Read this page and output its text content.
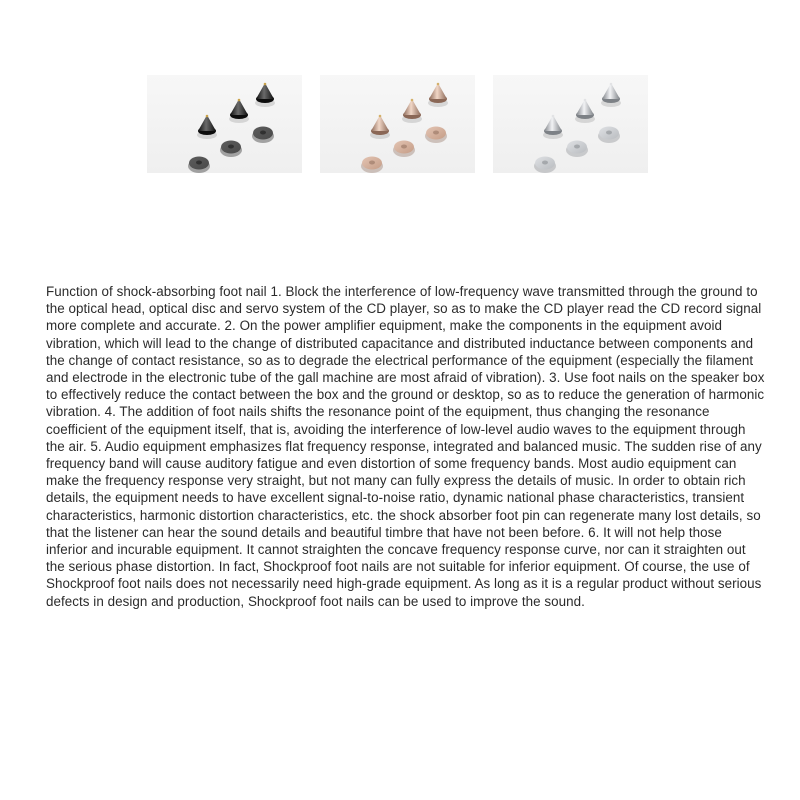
Function of shock-absorbing foot nail 1. Block the interference of low-frequency wave transmitted through the ground to the optical head, optical disc and servo system of the CD player, so as to make the CD player read the CD record signal more complete and accurate. 2. On the power amplifier equipment, make the components in the equipment avoid vibration, which will lead to the change of distributed capacitance and distributed inductance between components and the change of contact resistance, so as to degrade the electrical performance of the equipment (especially the filament and electrode in the electronic tube of the gall machine are most afraid of vibration). 3. Use foot nails on the speaker box to effectively reduce the contact between the box and the ground or desktop, so as to reduce the generation of harmonic vibration. 4. The addition of foot nails shifts the resonance point of the equipment, thus changing the resonance coefficient of the equipment itself, that is, avoiding the interference of low-level audio waves to the equipment through the air. 5. Audio equipment emphasizes flat frequency response, integrated and balanced music. The sudden rise of any frequency band will cause auditory fatigue and even distortion of some frequency bands. Most audio equipment can make the frequency response very straight, but not many can fully express the details of music. In order to obtain rich details, the equipment needs to have excellent signal-to-noise ratio, dynamic national phase characteristics, transient characteristics, harmonic distortion characteristics, etc. the shock absorber foot pin can regenerate many lost details, so that the listener can hear the sound details and beautiful timbre that have not been before. 6. It will not help those inferior and incurable equipment. It cannot straighten the concave frequency response curve, nor can it straighten out the serious phase distortion. In fact, Shockproof foot nails are not suitable for inferior equipment. Of course, the use of Shockproof foot nails does not necessarily need high-grade equipment. As long as it is a regular product without serious defects in design and production, Shockproof foot nails can be used to improve the sound.
